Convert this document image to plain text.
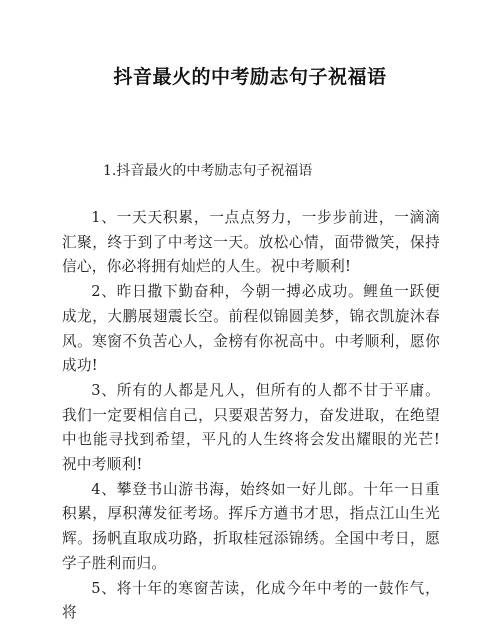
抖音最火的中考励志句子祝福语
1.抖音最火的中考励志句子祝福语

1、一天天积累，一点点努力，一步步前进，一滴滴汇聚，终于到了中考这一天。放松心情，面带微笑，保持信心，你必将拥有灿烂的人生。祝中考顺利!

2、昨日撒下勤奋种，今朝一搏必成功。鲤鱼一跃便成龙，大鹏展翅震长空。前程似锦圆美梦，锦衣凯旋沐春风。寒窗不负苦心人，金榜有你祝高中。中考顺利，愿你成功!

3、所有的人都是凡人，但所有的人都不甘于平庸。我们一定要相信自己，只要艰苦努力，奋发进取，在绝望中也能寻找到希望，平凡的人生终将会发出耀眼的光芒!祝中考顺利!

4、攀登书山游书海，始终如一好儿郎。十年一日重积累，厚积薄发征考场。挥斥方遒书才思，指点江山生光辉。扬帆直取成功路，折取桂冠添锦绣。全国中考日，愿学子胜利而归。

5、将十年的寒窗苦读，化成今年中考的一鼓作气，将
